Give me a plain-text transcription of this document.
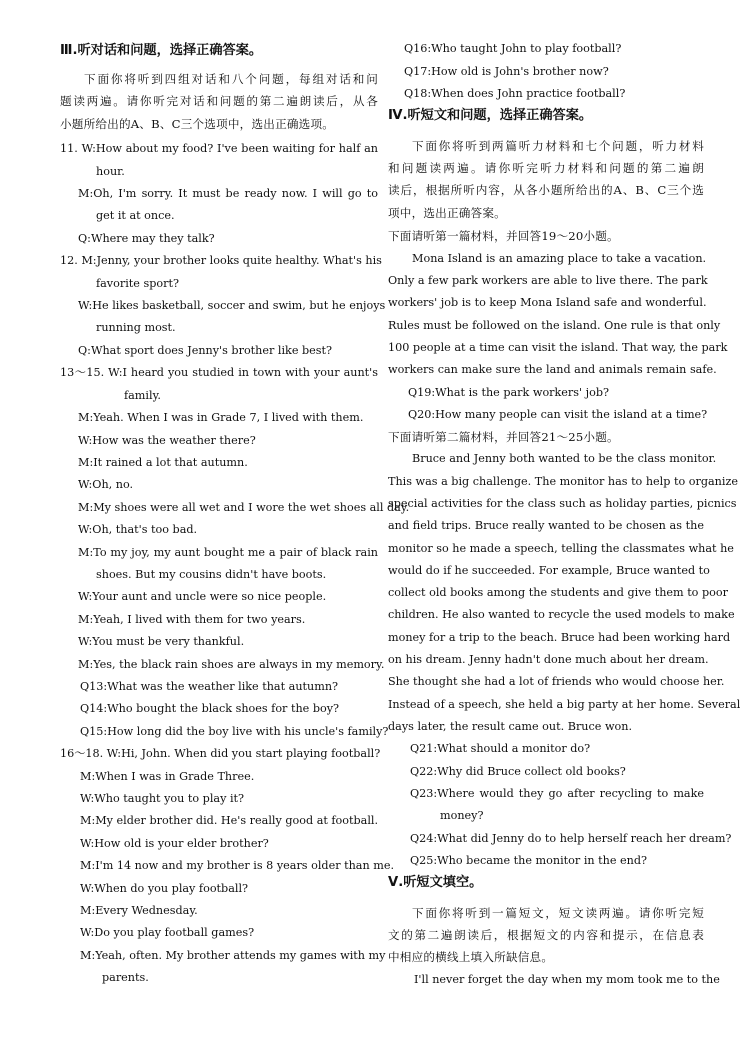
Ⅲ.听对话和问题，选择正确答案。
下面你将听到四组对话和八个问题，每组对话和问
题读两遍。请你听完对话和问题的第二遍朗读后，从各
小题所给出的A、B、C三个选项中，选出正确选项。
11. W:How about my food? I've been waiting for half an
hour.
M:Oh, I'm sorry. It must be ready now. I will go to
get it at once.
Q:Where may they talk?
12. M:Jenny, your brother looks quite healthy. What's his
favorite sport?
W:He likes basketball, soccer and swim, but he enjoys
running most.
Q:What sport does Jenny's brother like best?
13～15. W:I heard you studied in town with your aunt's
family.
M:Yeah. When I was in Grade 7, I lived with them.
W:How was the weather there?
M:It rained a lot that autumn.
W:Oh, no.
M:My shoes were all wet and I wore the wet shoes all day.
W:Oh, that's too bad.
M:To my joy, my aunt bought me a pair of black rain
shoes. But my cousins didn't have boots.
W:Your aunt and uncle were so nice people.
M:Yeah, I lived with them for two years.
W:You must be very thankful.
M:Yes, the black rain shoes are always in my memory.
Q13:What was the weather like that autumn?
Q14:Who bought the black shoes for the boy?
Q15:How long did the boy live with his uncle's family?
16～18. W:Hi, John. When did you start playing football?
M:When I was in Grade Three.
W:Who taught you to play it?
M:My elder brother did. He's really good at football.
W:How old is your elder brother?
M:I'm 14 now and my brother is 8 years older than me.
W:When do you play football?
M:Every Wednesday.
W:Do you play football games?
M:Yeah, often. My brother attends my games with my
parents.
Q16:Who taught John to play football?
Q17:How old is John's brother now?
Q18:When does John practice football?
Ⅳ.听短文和问题，选择正确答案。
下面你将听到两篇听力材料和七个问题，听力材料
和问题读两遍。请你听完听力材料和问题的第二遍朗
读后，根据所听内容，从各小题所给出的A、B、C三个选
项中，选出正确答案。
下面请听第一篇材料，并回答19～20小题。
Mona Island is an amazing place to take a vacation.
Only a few park workers are able to live there. The park
workers' job is to keep Mona Island safe and wonderful.
Rules must be followed on the island. One rule is that only
100 people at a time can visit the island. That way, the park
workers can make sure the land and animals remain safe.
Q19:What is the park workers' job?
Q20:How many people can visit the island at a time?
下面请听第二篇材料，并回答21～25小题。
Bruce and Jenny both wanted to be the class monitor.
This was a big challenge. The monitor has to help to organize
special activities for the class such as holiday parties, picnics
and field trips. Bruce really wanted to be chosen as the
monitor so he made a speech, telling the classmates what he
would do if he succeeded. For example, Bruce wanted to
collect old books among the students and give them to poor
children. He also wanted to recycle the used models to make
money for a trip to the beach. Bruce had been working hard
on his dream. Jenny hadn't done much about her dream.
She thought she had a lot of friends who would choose her.
Instead of a speech, she held a big party at her home. Several
days later, the result came out. Bruce won.
Q21:What should a monitor do?
Q22:Why did Bruce collect old books?
Q23:Where would they go after recycling to make
money?
Q24:What did Jenny do to help herself reach her dream?
Q25:Who became the monitor in the end?
Ⅴ.听短文填空。
下面你将听到一篇短文，短文读两遍。请你听完短
文的第二遍朗读后，根据短文的内容和提示，在信息表
中相应的横线上填入所缺信息。
I'll never forget the day when my mom took me to the
